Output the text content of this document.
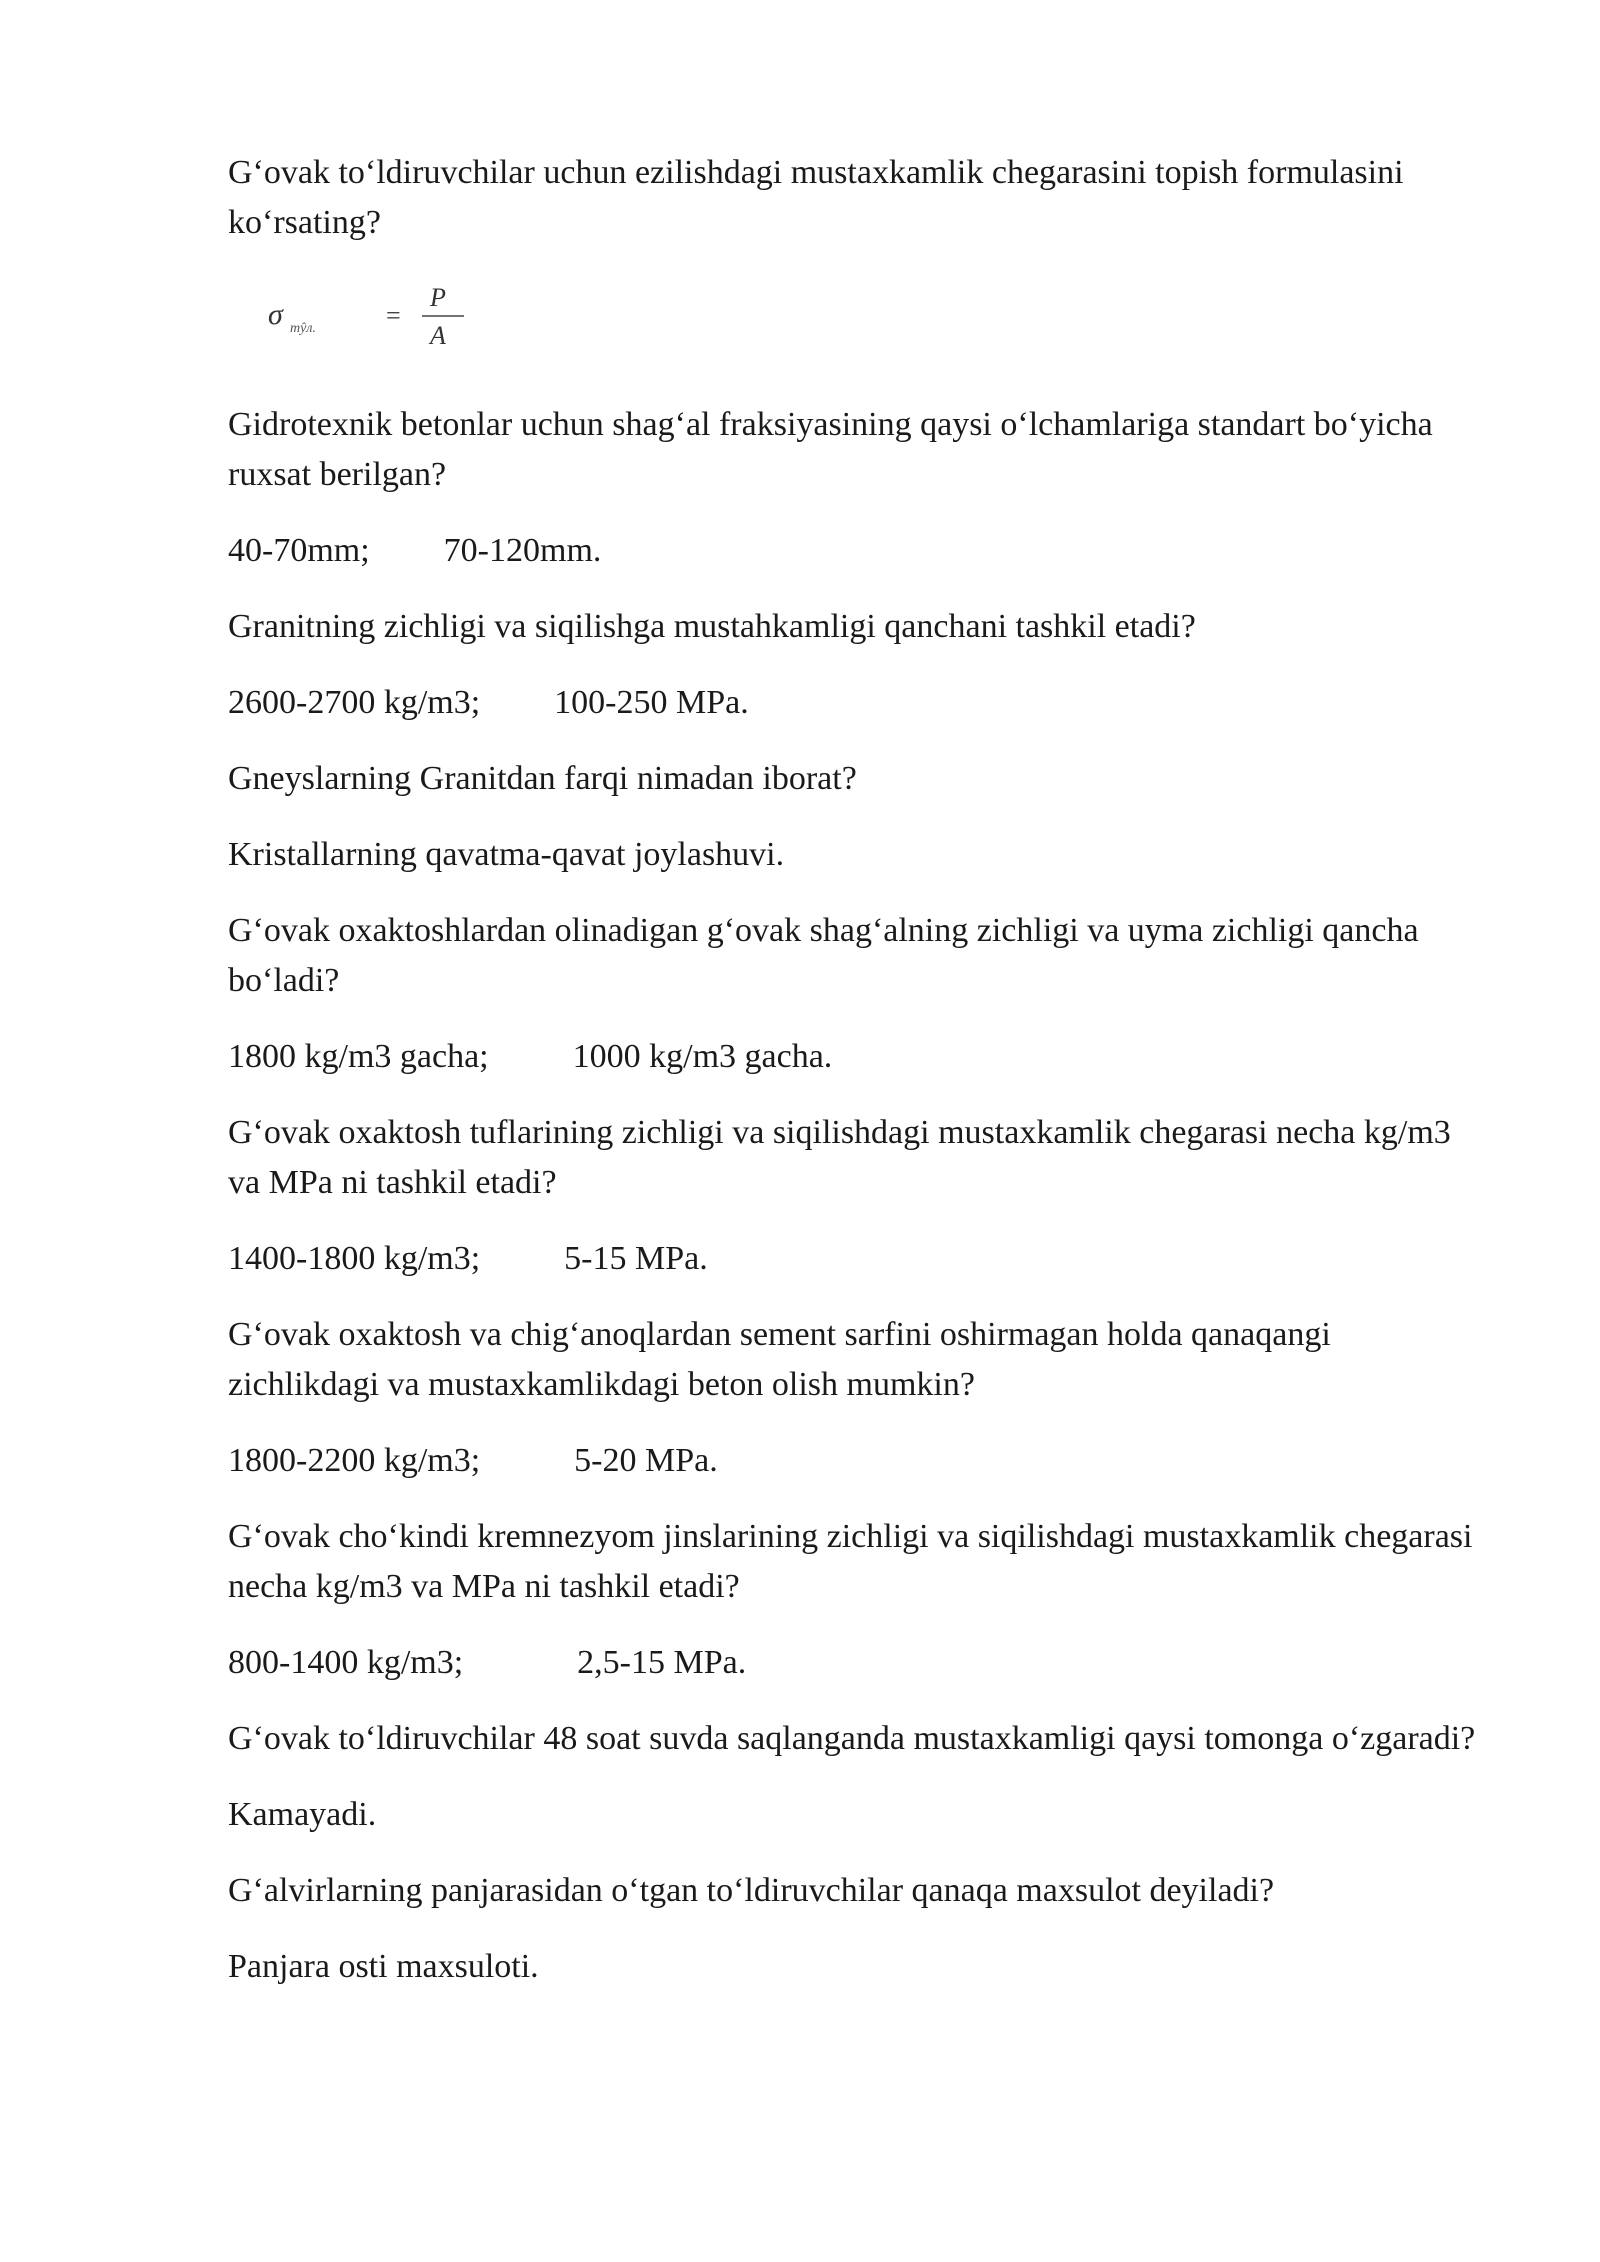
G‘ovak to‘ldiruvchilar uchun ezilishdagi mustaxkamlik chegarasini topish formulasini ko‘rsating?

σ mŷл.	=
P
A

Gidrotexnik betonlar uchun shag‘al fraksiyasining qaysi o‘lchamlariga standart bo‘yicha ruxsat berilgan?

40-70mm; 70-120mm.

Granitning zichligi va siqilishga mustahkamligi qanchani tashkil etadi?

2600-2700 kg/m3; 100-250 MPa.

Gneyslarning Granitdan farqi nimadan iborat?

Kristallarning qavatma-qavat joylashuvi.

G‘ovak oxaktoshlardan olinadigan g‘ovak shag‘alning zichligi va uyma zichligi qancha bo‘ladi?

1800 kg/m3 gacha; 1000 kg/m3 gacha.

G‘ovak oxaktosh tuflarining zichligi va siqilishdagi mustaxkamlik chegarasi necha kg/m3 va MPa ni tashkil etadi?

1400-1800 kg/m3; 5-15 MPa.

G‘ovak oxaktosh va chig‘anoqlardan sement sarfini oshirmagan holda qanaqangi zichlikdagi va mustaxkamlikdagi beton olish mumkin?

1800-2200 kg/m3;	5-20 MPa.

G‘ovak cho‘kindi kremnezyom jinslarining zichligi va siqilishdagi mustaxkamlik chegarasi necha kg/m3 va MPa ni tashkil etadi?

800-1400 kg/m3;	2,5-15 MPa.

G‘ovak to‘ldiruvchilar 48 soat suvda saqlanganda mustaxkamligi qaysi tomonga o‘zgaradi?

Kamayadi.

G‘alvirlarning panjarasidan o‘tgan to‘ldiruvchilar qanaqa maxsulot deyiladi?

Panjara osti maxsuloti.
